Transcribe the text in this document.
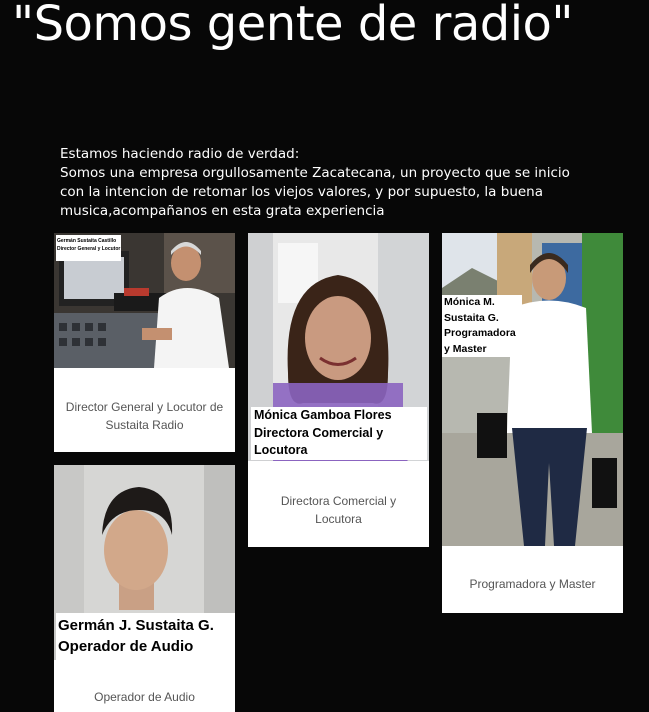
"Somos gente de radio"

Estamos haciendo radio de verdad:

Somos una empresa orgullosamente Zacatecana, un proyecto que se inicio con la intencion de retomar los viejos valores, y por supuesto, la buena musica,acompañanos en esta grata experiencia

Germán Sustaita Castillo
Director General y Locutor
Director General y Locutor de Sustaita Radio
Mónica Gamboa Flores
Directora Comercial y
Locutora
Directora Comercial y Locutora
Mónica M.
Sustaita G.
Programadora
y Master
Programadora y Master
Germán J. Sustaita G.
Operador de Audio
Operador de Audio
